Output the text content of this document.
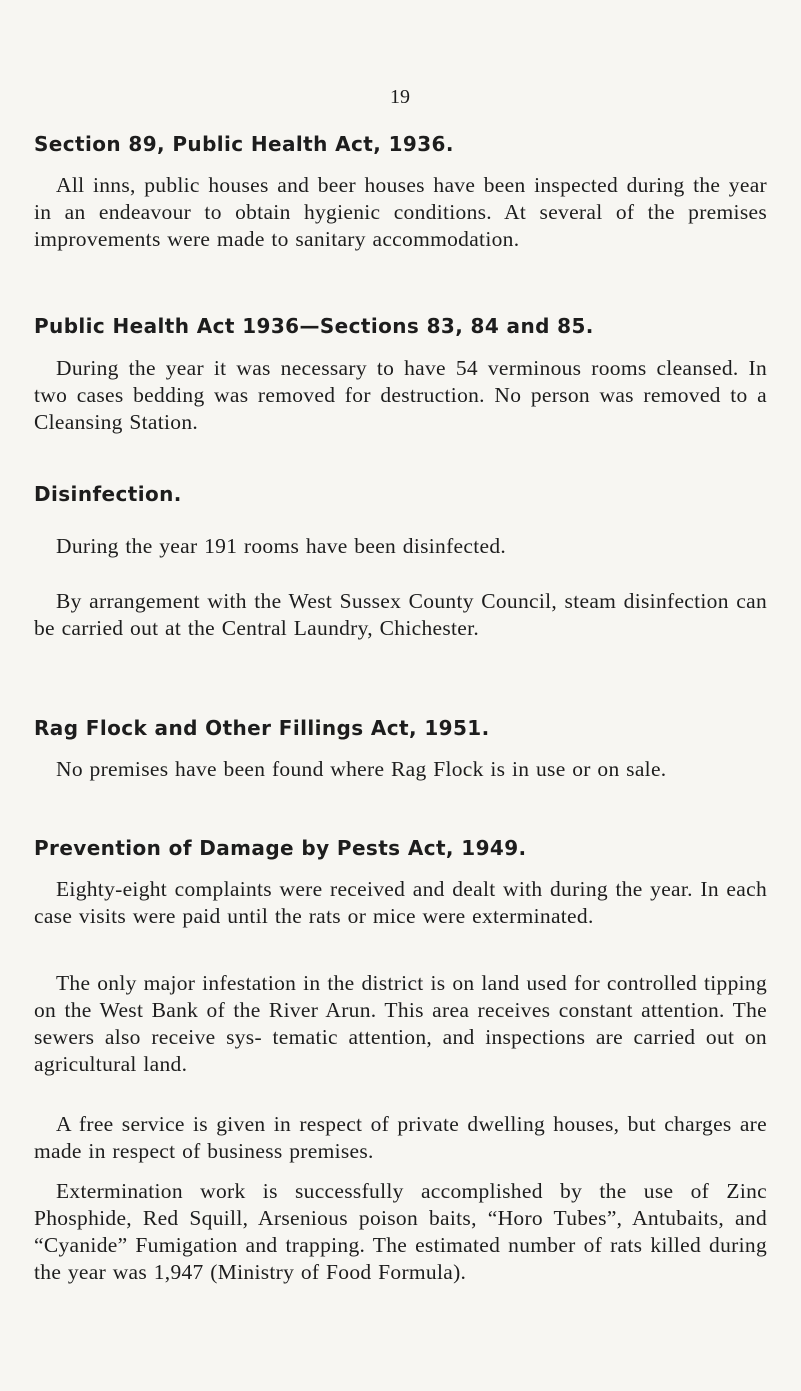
19
Section 89, Public Health Act, 1936.

All inns, public houses and beer houses have been inspected during the year in an endeavour to obtain hygienic conditions. At several of the premises improvements were made to sanitary accommodation.

Public Health Act 1936—Sections 83, 84 and 85.

During the year it was necessary to have 54 verminous rooms cleansed. In two cases bedding was removed for destruction. No person was removed to a Cleansing Station.

Disinfection.

During the year 191 rooms have been disinfected.

By arrangement with the West Sussex County Council, steam disinfection can be carried out at the Central Laundry, Chichester.

Rag Flock and Other Fillings Act, 1951.

No premises have been found where Rag Flock is in use or on sale.

Prevention of Damage by Pests Act, 1949.

Eighty-eight complaints were received and dealt with during the year. In each case visits were paid until the rats or mice were exterminated.

The only major infestation in the district is on land used for controlled tipping on the West Bank of the River Arun. This area receives constant attention. The sewers also receive sys- tematic attention, and inspections are carried out on agricultural land.

A free service is given in respect of private dwelling houses, but charges are made in respect of business premises.

Extermination work is successfully accomplished by the use of Zinc Phosphide, Red Squill, Arsenious poison baits, “Horo Tubes”, Antubaits, and “Cyanide” Fumigation and trapping. The estimated number of rats killed during the year was 1,947 (Ministry of Food Formula).
